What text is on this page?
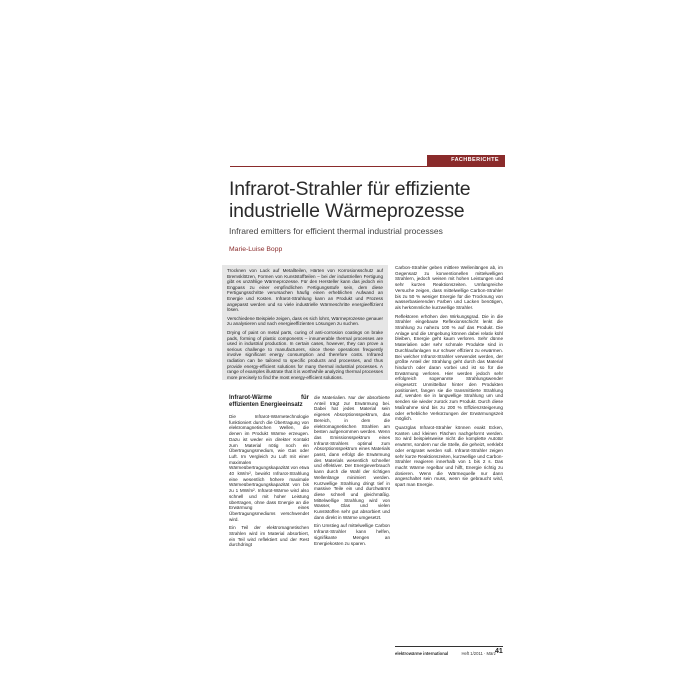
FACHBERICHTE
Infrarot-Strahler für effiziente industrielle Wärmeprozesse
Infrared emitters for efficient thermal industrial processes
Marie-Luise Bopp

Trocknen von Lack auf Metallteilen, Härten von Korrosionsschutz auf Bremsklötzen, Formen von Kunststoffteilen – bei der industriellen Fertigung gibt es unzählige Wärmeprozesse. Für den Hersteller kann das jedoch ein Engpass zu einer empfindlichen Fertigungsstufe sein, dem diese Fertigungsschritte verursachen häufig einen erheblichen Aufwand an Energie und Kosten. Infrarot-Strahlung kann an Produkt und Prozess angepasst werden und so viele industrielle Wärmeschritte energieeffizient lösen.

Verschiedene Beispiele zeigen, dass es sich lohnt, Wärmeprozesse genauer zu analysieren und nach energieeffizienten Lösungen zu suchen.

Drying of paint on metal parts, curing of anti-corrosion coatings on brake pads, forming of plastic components – innumerable thermal processes are used in industrial production. In certain cases, however, they can prove a serious challenge to manufacturers, since these operations frequently involve significant energy consumption and therefore costs. Infrared radiation can be tailored to specific products and processes, and thus provide energy-efficient solutions for many thermal industrial processes. A range of examples illustrate that it is worthwhile analyzing thermal processes more precisely to find the most energy-efficient solutions.

Infrarot-Wärme für effizienten Energieeinsatz

Die Infrarot-Wärmetechnologie funktioniert durch die Übertragung von elektromagnetischen Wellen, die denen im Produkt Wärme erzeugen. Dazu ist weder ein direkter Kontakt zum Material nötig noch ein Übertragungsmedium, wie Gas oder Luft. Im Vergleich zu Luft mit einer maximalen Wärmeübertragungskapazität von etwa 40 kW/m², bewirkt Infrarot-Strahlung eine wesentlich höhere maximale Wärmeübertragungskapazität von bis zu 1 MW/m². Infrarot-Wärme wird also schnell und mit hoher Leistung übertragen, ohne dass Energie an die Erwärmung eines Übertragungsmediums verschwendet wird.

Ein Teil der elektromagnetischen Strahlen wird im Material absorbiert, ein Teil wird reflektiert und der Rest durchdringt

die Materialien. Nur der absorbierte Anteil trägt zur Erwärmung bei. Dabei hat jedes Material sein eigenes Absorptionsspektrum, das Bereich, in dem die elektromagnetischen Strahlen am besten aufgenommen werden. Wenn das Emissionsspektrum eines Infrarot-Strahlers optimal zum Absorptionsspektrum eines Materials passt, dann erfolgt die Erwärmung des Materials wesentlich schneller und effektiver. Der Energieverbrauch kann durch die Wahl der richtigen Wellenlänge minimiert werden. Kurzwellige Strahlung dringt tief in massive Teile ein und durchwärmt diese schnell und gleichmäßig. Mittelwellige Strahlung wird von Wasser, Glas und vielen Kunststoffen sehr gut absorbiert und dann direkt in Wärme umgesetzt.

Ein Umstieg auf mittelwellige Carbon Infrarot-Strahler kann helfen, signifikante Mengen an Energiekosten zu sparen.

Carbon-Strahler geben mittlere Wellenlängen ab, im Gegensatz zu konventionellen mittelwelligen Strahlern, jedoch weisen mit hohen Leistungen und sehr kurzen Reaktionszeiten. Umfangreiche Versuche zeigen, dass mittelwellige Carbon-Strahler bis zu 50 % weniger Energie für die Trocknung von wasserbasierenden Farben und Lacken benötigen, als herkömmliche kurzwellige Strahler.

Reflektoren erhöhen den Wirkungsgrad. Die in die Strahler eingebaute Reflexionsschicht lenkt die Strahlung zu nahezu 100 % auf das Produkt. Die Anlage und die Umgebung können dabei relativ kühl bleiben, Energie geht kaum verloren. Sehr dünne Materialien oder sehr schmale Produkte sind in Durchlaufanlagen nur schwer effizient zu erwärmen. Bei welcher Infrarot-Strahler verwendet werden, der größte Anteil der Strahlung geht durch das Material hindurch oder daran vorbei und ist so für die Erwärmung verloren. Hier werden jedoch sehr erfolgreich sogenannte Strahlungswender eingesetzt: Unmittelbar hinter den Produkten positioniert, fangen sie die transmittierte Strahlung auf, wenden sie in langwellige Strahlung um und senden sie wieder zurück zum Produkt. Durch diese Maßnahme sind bis zu 200 % Effizienzsteigerung oder erhebliche Verkürzungen der Erwärmungszeit möglich.

Quarzglas Infrarot-Strahler können exakt Ecken, Kanten und kleinen Flächen nachgeformt werden. So wird beispielsweise nicht die komplette Autotür erwärmt, sondern nur die Stelle, die geheizt, verklebt oder entgratet werden soll. Infrarot-Strahler zeigen sehr kurze Reaktionszeiten, kurzwellige und Carbon-Strahler reagieren innerhalb von 1 bis 2 s. Das macht Wärme regelbar und hilft, Energie richtig zu dosieren. Wenn die Wärmequelle nur dann angeschaltet sein muss, wenn sie gebraucht wird, spart man Energie.

elektrowärme international	Heft 1/2011 · März 41
